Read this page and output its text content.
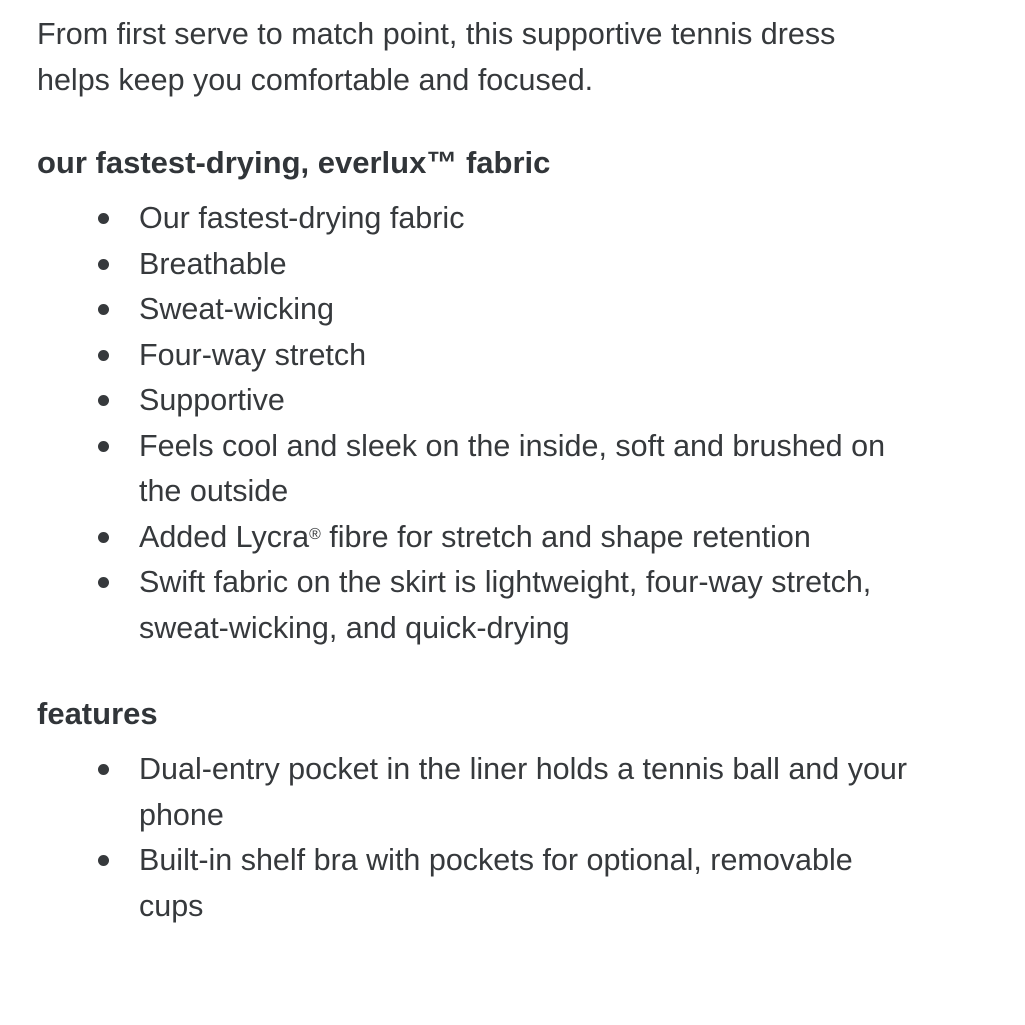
From first serve to match point, this supportive tennis dress
helps keep you comfortable and focused.

our fastest-drying, everlux™ fabric
Our fastest-drying fabric
Breathable
Sweat-wicking
Four-way stretch
Supportive
Feels cool and sleek on the inside, soft and brushed on
the outside
Added Lycra® fibre for stretch and shape retention
Swift fabric on the skirt is lightweight, four-way stretch,
sweat-wicking, and quick-drying
features
Dual-entry pocket in the liner holds a tennis ball and your
phone
Built-in shelf bra with pockets for optional, removable
cups
